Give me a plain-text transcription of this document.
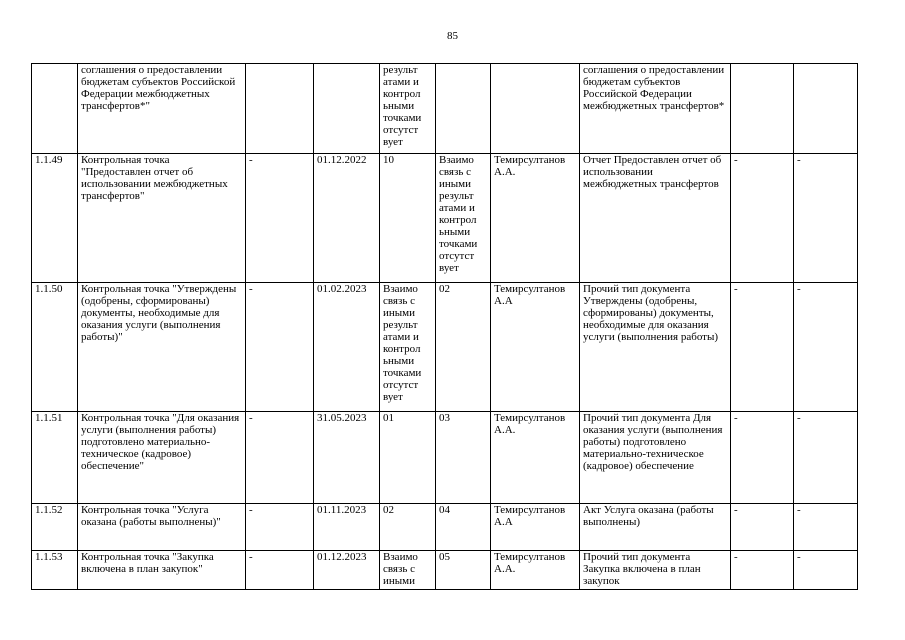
85
	соглашения о предоставлении бюджетам субъектов Российской Федерации межбюджетных трансфертов*"			результ атами и контрол ьными точками отсутст вует			соглашения о предоставлении бюджетам субъектов Российской Федерации межбюджетных трансфертов*		
1.1.49	Контрольная точка "Предоставлен отчет об использовании межбюджетных трансфертов"	-	01.12.2022	10	Взаимо связь с иными результ атами и контрол ьными точками отсутст вует	Темирсултанов А.А.	Отчет Предоставлен отчет об использовании межбюджетных трансфертов	-	-
1.1.50	Контрольная точка "Утверждены (одобрены, сформированы) документы, необходимые для оказания услуги (выполнения работы)"	-	01.02.2023	Взаимо связь с иными результ атами и контрол ьными точками отсутст вует	02	Темирсултанов А.А	Прочий тип документа Утверждены (одобрены, сформированы) документы, необходимые для оказания услуги (выполнения работы)	-	-
1.1.51	Контрольная точка "Для оказания услуги (выполнения работы) подготовлено материально-техническое (кадровое) обеспечение"	-	31.05.2023	01	03	Темирсултанов А.А.	Прочий тип документа Для оказания услуги (выполнения работы) подготовлено материально-техническое (кадровое) обеспечение	-	-
1.1.52	Контрольная точка "Услуга оказана (работы выполнены)"	-	01.11.2023	02	04	Темирсултанов А.А	Акт Услуга оказана (работы выполнены)	-	-
1.1.53	Контрольная точка "Закупка включена в план закупок"	-	01.12.2023	Взаимо связь с иными	05	Темирсултанов А.А.	Прочий тип документа Закупка включена в план закупок	-	-
